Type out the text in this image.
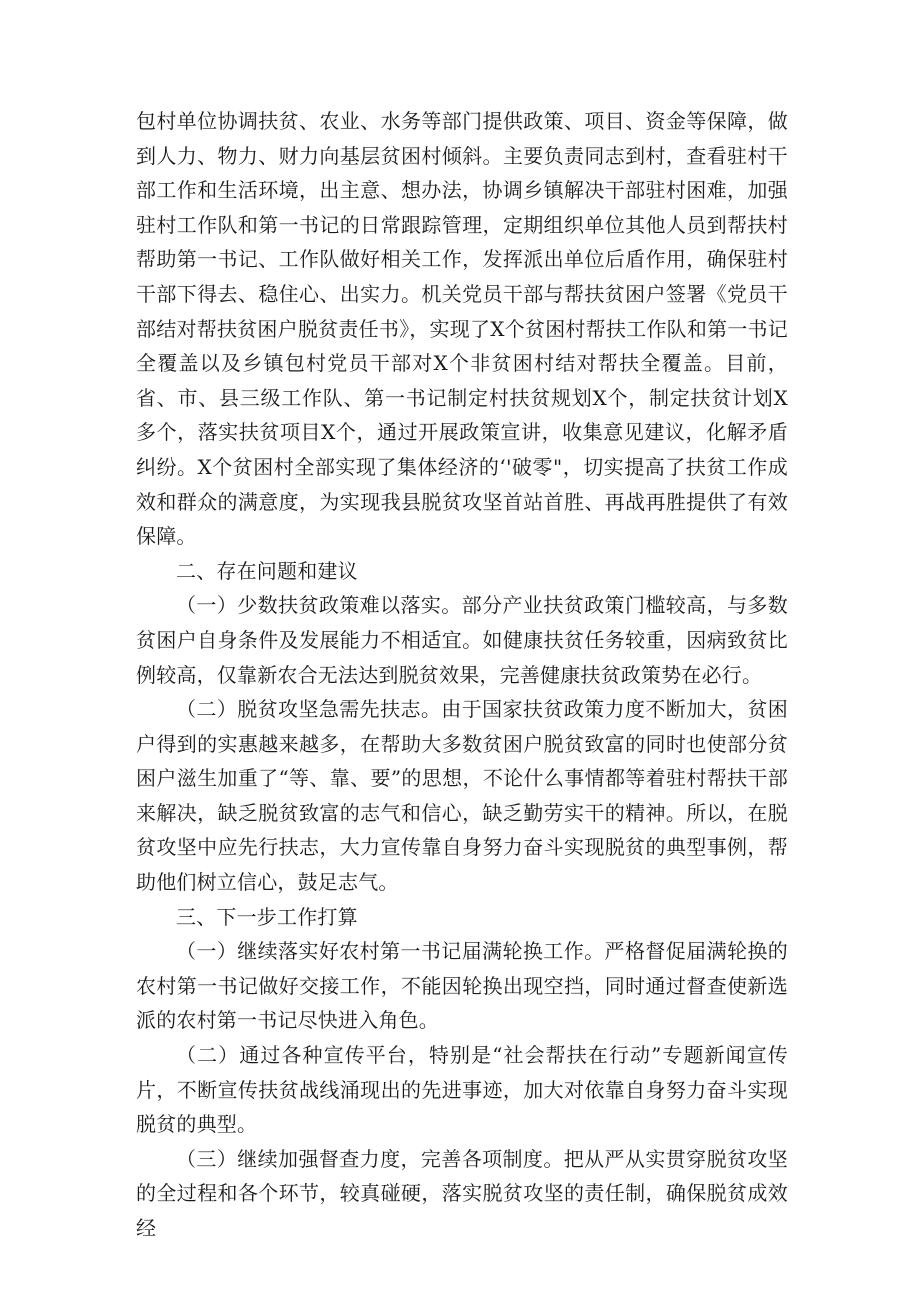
包村单位协调扶贫、农业、水务等部门提供政策、项目、资金等保障，做到人力、物力、财力向基层贫困村倾斜。主要负责同志到村，查看驻村干部工作和生活环境，出主意、想办法，协调乡镇解决干部驻村困难，加强驻村工作队和第一书记的日常跟踪管理，定期组织单位其他人员到帮扶村帮助第一书记、工作队做好相关工作，发挥派出单位后盾作用，确保驻村干部下得去、稳住心、出实力。机关党员干部与帮扶贫困户签署《党员干部结对帮扶贫困户脱贫责任书》，实现了X个贫困村帮扶工作队和第一书记全覆盖以及乡镇包村党员干部对X个非贫困村结对帮扶全覆盖。目前，省、市、县三级工作队、第一书记制定村扶贫规划X个，制定扶贫计划X多个，落实扶贫项目X个，通过开展政策宣讲，收集意见建议，化解矛盾纠纷。X个贫困村全部实现了集体经济的‘'破零"，切实提高了扶贫工作成效和群众的满意度，为实现我县脱贫攻坚首站首胜、再战再胜提供了有效保障。

二、存在问题和建议

（一）少数扶贫政策难以落实。部分产业扶贫政策门槛较高，与多数贫困户自身条件及发展能力不相适宜。如健康扶贫任务较重，因病致贫比例较高，仅靠新农合无法达到脱贫效果，完善健康扶贫政策势在必行。

（二）脱贫攻坚急需先扶志。由于国家扶贫政策力度不断加大，贫困户得到的实惠越来越多，在帮助大多数贫困户脱贫致富的同时也使部分贫困户滋生加重了“等、靠、要”的思想，不论什么事情都等着驻村帮扶干部来解决，缺乏脱贫致富的志气和信心，缺乏勤劳实干的精神。所以，在脱贫攻坚中应先行扶志，大力宣传靠自身努力奋斗实现脱贫的典型事例，帮助他们树立信心，鼓足志气。

三、下一步工作打算

（一）继续落实好农村第一书记届满轮换工作。严格督促届满轮换的农村第一书记做好交接工作，不能因轮换出现空挡，同时通过督查使新选派的农村第一书记尽快进入角色。

（二）通过各种宣传平台，特别是“社会帮扶在行动”专题新闻宣传片，不断宣传扶贫战线涌现出的先进事迹，加大对依靠自身努力奋斗实现脱贫的典型。

（三）继续加强督查力度，完善各项制度。把从严从实贯穿脱贫攻坚的全过程和各个环节，较真碰硬，落实脱贫攻坚的责任制，确保脱贫成效经
